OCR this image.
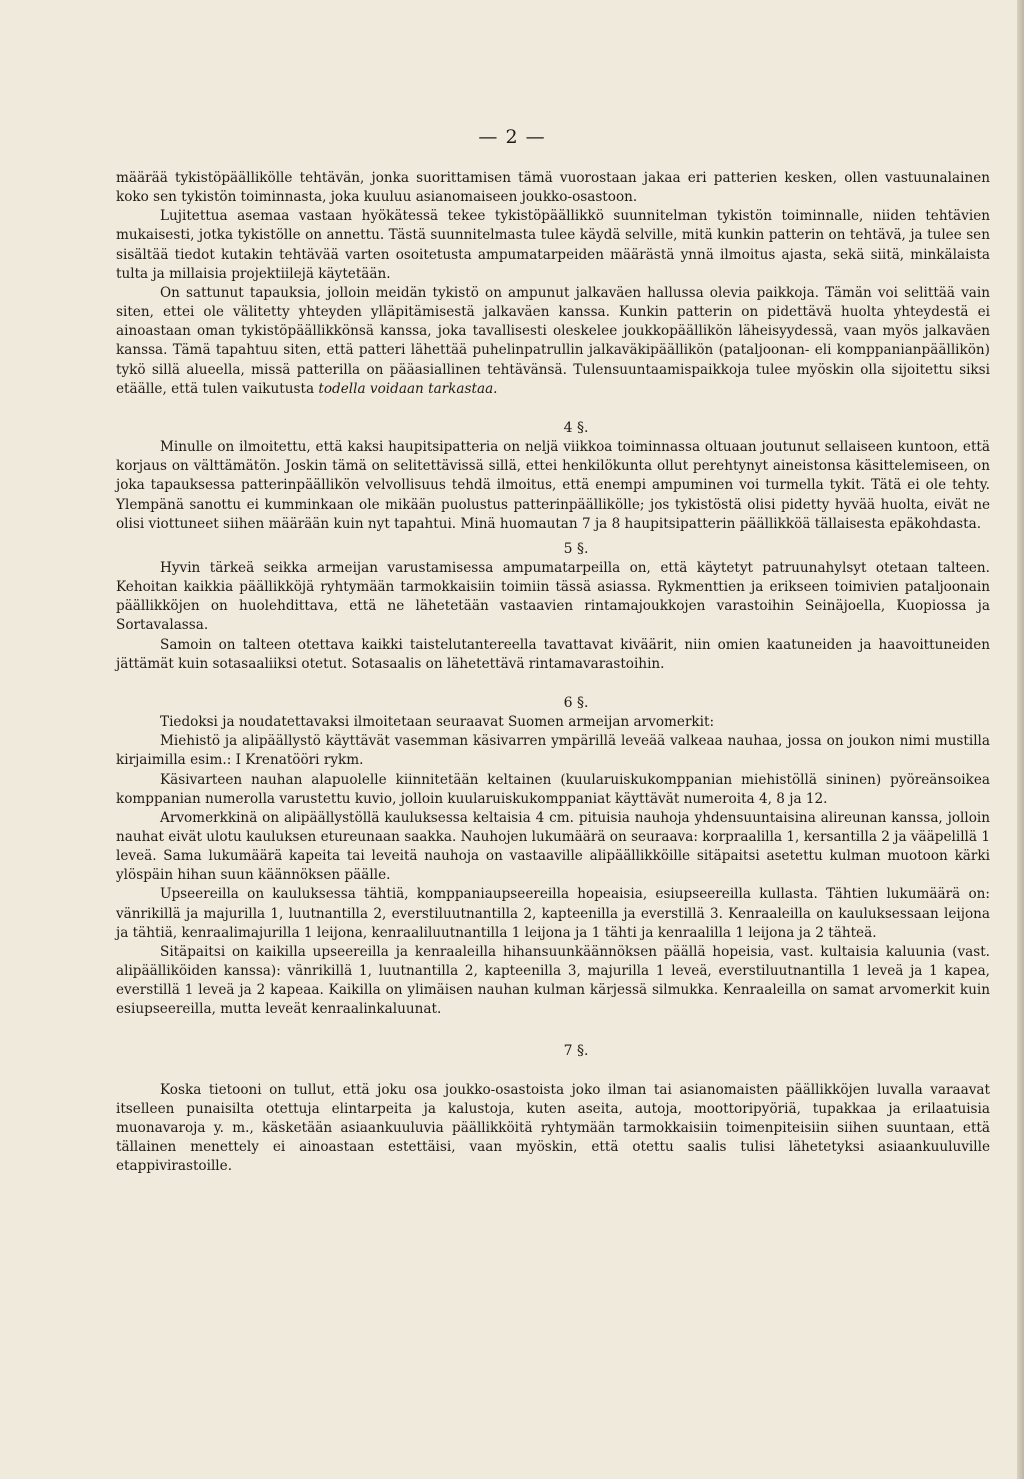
— 2 —

määrää tykistöpäällikölle tehtävän, jonka suorittamisen tämä vuorostaan jakaa eri patterien kesken, ollen vastuunalainen koko sen tykistön toiminnasta, joka kuuluu asianomaiseen joukko-osastoon.

Lujitettua asemaa vastaan hyökätessä tekee tykistöpäällikkö suunnitelman tykistön toiminnalle, niiden tehtävien mukaisesti, jotka tykistölle on annettu. Tästä suunnitelmasta tulee käydä selville, mitä kunkin patterin on tehtävä, ja tulee sen sisältää tiedot kutakin tehtävää varten osoitetusta ampumatarpeiden määrästä ynnä ilmoitus ajasta, sekä siitä, minkälaista tulta ja millaisia projektiilejä käytetään.

On sattunut tapauksia, jolloin meidän tykistö on ampunut jalkaväen hallussa olevia paikkoja. Tämän voi selittää vain siten, ettei ole välitetty yhteyden ylläpitämisestä jalkaväen kanssa. Kunkin patterin on pidettävä huolta yhteydestä ei ainoastaan oman tykistöpäällikkönsä kanssa, joka tavallisesti oleskelee joukkopäällikön läheisyydessä, vaan myös jalkaväen kanssa. Tämä tapahtuu siten, että patteri lähettää puhelinpatrullin jalkaväkipäällikön (pataljoonan- eli komppanianpäällikön) tykö sillä alueella, missä patterilla on pääasiallinen tehtävänsä. Tulensuuntaamispaikkoja tulee myöskin olla sijoitettu siksi etäälle, että tulen vaikutusta todella voidaan tarkastaa.

4 §.

Minulle on ilmoitettu, että kaksi haupitsipatteria on neljä viikkoa toiminnassa oltuaan joutunut sellaiseen kuntoon, että korjaus on välttämätön. Joskin tämä on selitettävissä sillä, ettei henkilökunta ollut perehtynyt aineistonsa käsittelemiseen, on joka tapauksessa patterinpäällikön velvollisuus tehdä ilmoitus, että enempi ampuminen voi turmella tykit. Tätä ei ole tehty. Ylempänä sanottu ei kumminkaan ole mikään puolustus patterinpäällikölle; jos tykistöstä olisi pidetty hyvää huolta, eivät ne olisi viottuneet siihen määrään kuin nyt tapahtui. Minä huomautan 7 ja 8 haupitsipatterin päällikköä tällaisesta epäkohdasta.

5 §.

Hyvin tärkeä seikka armeijan varustamisessa ampumatarpeilla on, että käytetyt patruunahylsyt otetaan talteen. Kehoitan kaikkia päällikköjä ryhtymään tarmokkaisiin toimiin tässä asiassa. Rykmenttien ja erikseen toimivien pataljoonain päällikköjen on huolehdittava, että ne lähetetään vastaavien rintamajoukkojen varastoihin Seinäjoella, Kuopiossa ja Sortavalassa.

Samoin on talteen otettava kaikki taistelutantereella tavattavat kiväärit, niin omien kaatuneiden ja haavoittuneiden jättämät kuin sotasaaliiksi otetut. Sotasaalis on lähetettävä rintamavarastoihin.

6 §.

Tiedoksi ja noudatettavaksi ilmoitetaan seuraavat Suomen armeijan arvomerkit:

Miehistö ja alipäällystö käyttävät vasemman käsivarren ympärillä leveää valkeaa nauhaa, jossa on joukon nimi mustilla kirjaimilla esim.: I Krenatööri rykm.

Käsivarteen nauhan alapuolelle kiinnitetään keltainen (kuularuiskukomppanian miehistöllä sininen) pyöreänsoikea komppanian numerolla varustettu kuvio, jolloin kuularuiskukomppaniat käyttävät numeroita 4, 8 ja 12.

Arvomerkkinä on alipäällystöllä kauluksessa keltaisia 4 cm. pituisia nauhoja yhdensuuntaisina alireunan kanssa, jolloin nauhat eivät ulotu kauluksen etureunaan saakka. Nauhojen lukumäärä on seuraava: korpraalilla 1, kersantilla 2 ja vääpelillä 1 leveä. Sama lukumäärä kapeita tai leveitä nauhoja on vastaaville alipäällikköille sitäpaitsi asetettu kulman muotoon kärki ylöspäin hihan suun käännöksen päälle.

Upseereilla on kauluksessa tähtiä, komppaniaupseereilla hopeaisia, esiupseereilla kullasta. Tähtien lukumäärä on: vänrikillä ja majurilla 1, luutnantilla 2, everstiluutnantilla 2, kapteenilla ja everstillä 3. Kenraaleilla on kauluksessaan leijona ja tähtiä, kenraalimajurilla 1 leijona, kenraaliluutnantilla 1 leijona ja 1 tähti ja kenraalilla 1 leijona ja 2 tähteä.

Sitäpaitsi on kaikilla upseereilla ja kenraaleilla hihansuunkäännöksen päällä hopeisia, vast. kultaisia kaluunia (vast. alipäälliköiden kanssa): vänrikillä 1, luutnantilla 2, kapteenilla 3, majurilla 1 leveä, everstiluutnantilla 1 leveä ja 1 kapea, everstillä 1 leveä ja 2 kapeaa. Kaikilla on ylimäisen nauhan kulman kärjessä silmukka. Kenraaleilla on samat arvomerkit kuin esiupseereilla, mutta leveät kenraalinkaluunat.

7 §.

Koska tietooni on tullut, että joku osa joukko-osastoista joko ilman tai asianomaisten päällikköjen luvalla varaavat itselleen punaisilta otettuja elintarpeita ja kalustoja, kuten aseita, autoja, moottoripyöriä, tupakkaa ja erilaatuisia muonavaroja y. m., käsketään asiaankuuluvia päällikköitä ryhtymään tarmokkaisiin toimenpiteisiin siihen suuntaan, että tällainen menettely ei ainoastaan estettäisi, vaan myöskin, että otettu saalis tulisi lähetetyksi asiaankuuluville etappivirastoille.
